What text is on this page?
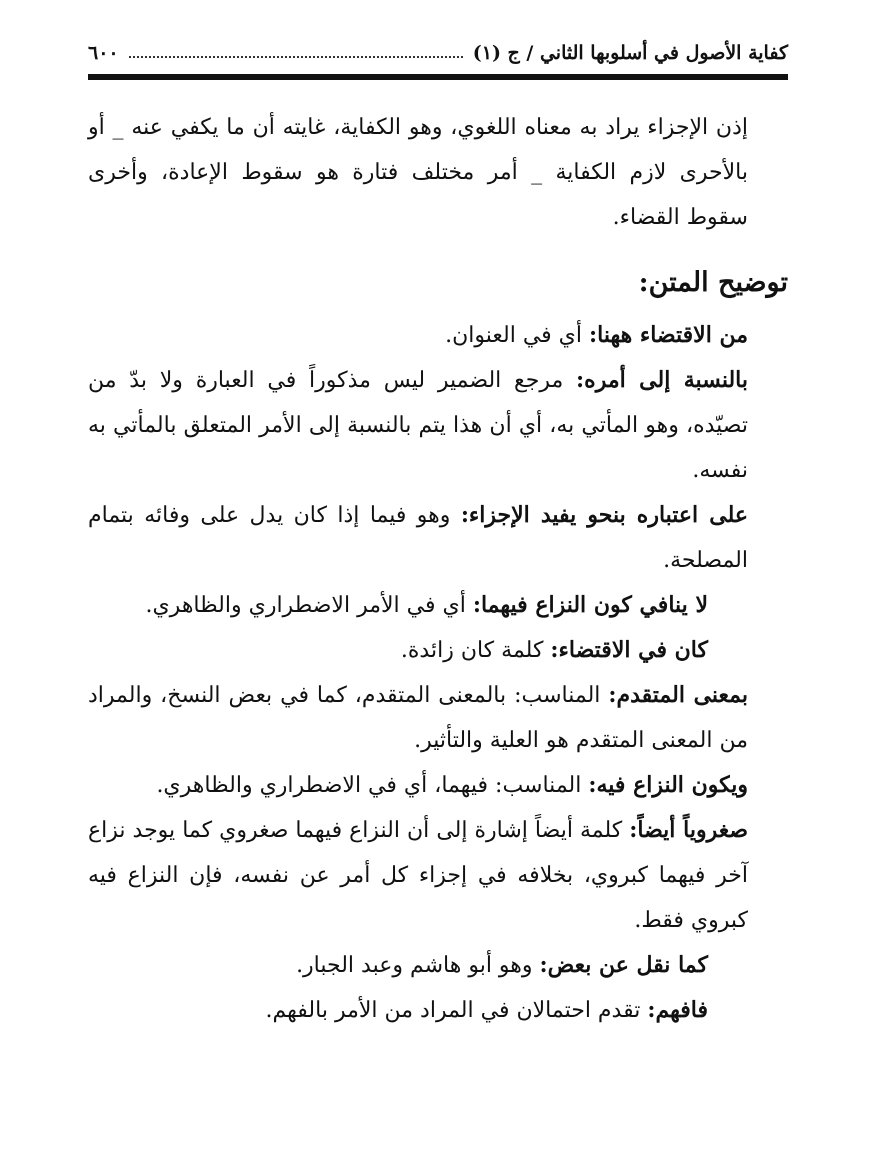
كفاية الأصول في أسلوبها الثاني / ج (١)
٦٠٠

إذن الإجزاء يراد به معناه اللغوي، وهو الكفاية، غايته أن ما يكفي عنه _ أو بالأحرى لازم الكفاية _ أمر مختلف فتارة هو سقوط الإعادة، وأخرى سقوط القضاء.

توضيح المتن:

من الاقتضاء ههنا: أي في العنوان.

بالنسبة إلى أمره: مرجع الضمير ليس مذكوراً في العبارة ولا بدّ من تصيّده، وهو المأتي به، أي أن هذا يتم بالنسبة إلى الأمر المتعلق بالمأتي به نفسه.

على اعتباره بنحو يفيد الإجزاء: وهو فيما إذا كان يدل على وفائه بتمام المصلحة.

لا ينافي كون النزاع فيهما: أي في الأمر الاضطراري والظاهري.

كان في الاقتضاء: كلمة كان زائدة.

بمعنى المتقدم: المناسب: بالمعنى المتقدم، كما في بعض النسخ، والمراد من المعنى المتقدم هو العلية والتأثير.

ويكون النزاع فيه: المناسب: فيهما، أي في الاضطراري والظاهري.

صغروياً أيضاً: كلمة أيضاً إشارة إلى أن النزاع فيهما صغروي كما يوجد نزاع آخر فيهما كبروي، بخلافه في إجزاء كل أمر عن نفسه، فإن النزاع فيه كبروي فقط.

كما نقل عن بعض: وهو أبو هاشم وعبد الجبار.

فافهم: تقدم احتمالان في المراد من الأمر بالفهم.
